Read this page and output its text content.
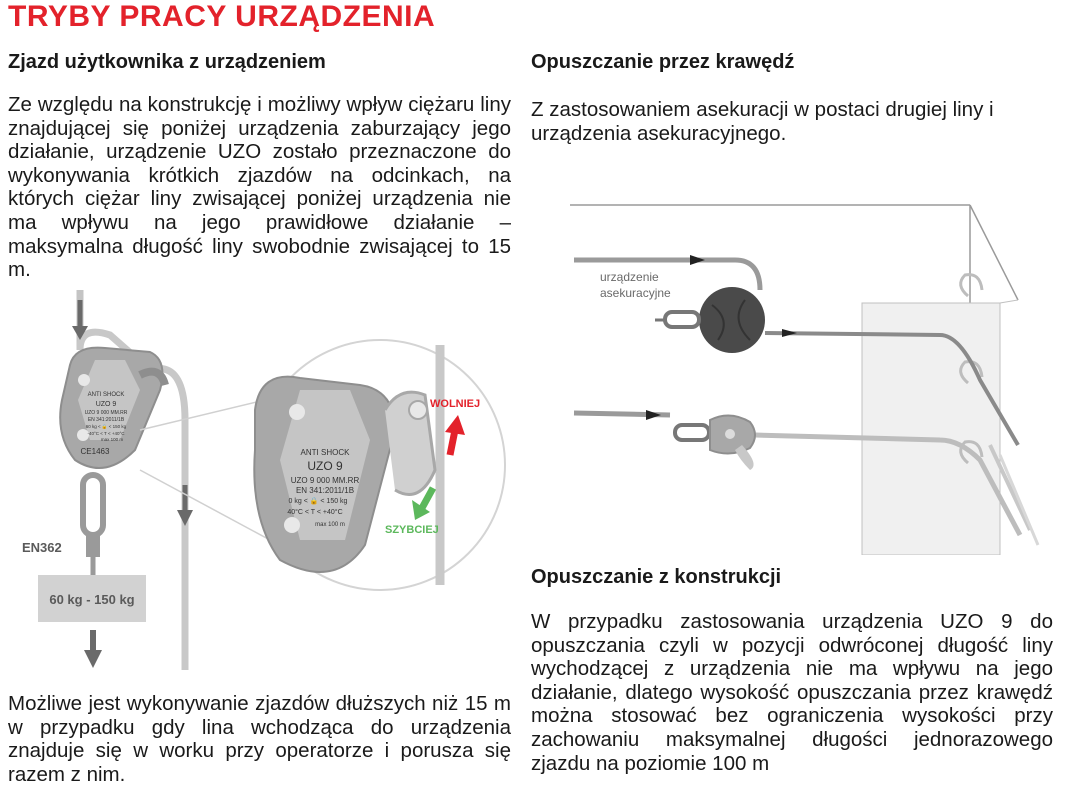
TRYBY PRACY URZĄDZENIA
Zjazd użytkownika z urządzeniem

Ze względu na konstrukcję i możliwy wpływ ciężaru liny znajdującej się poniżej urządzenia zaburzający jego działanie, urządzenie UZO zostało przeznaczone do wykonywania krótkich zjazdów na odcinkach, na których ciężar liny zwisającej poniżej urządzenia nie ma wpływu na jego prawidłowe działanie – maksymalna długość liny swobodnie zwisającej to 15 m.

Opuszczanie przez krawędź

Z zastosowaniem asekuracji w postaci drugiej liny i urządzenia asekuracyjnego.

ANTI SHOCK
UZO 9
UZO 9 000 MM.RR
EN 341:2011/1B
60 kg < 🔒 < 150 kg
-40°C < T < +40°C
max 100 m
CE1463
EN362
60 kg - 150 kg
ANTI SHOCK
UZO 9
UZO 9 000 MM.RR
EN 341:2011/1B
0 kg < 🔒 < 150 kg
40°C < T < +40°C
max 100 m
WOLNIEJ
SZYBCIEJ

Możliwe jest wykonywanie zjazdów dłuższych niż 15 m w przypadku gdy lina wchodząca do urządzenia znajduje się w worku przy operatorze i porusza się razem z nim.

urządzenie
asekuracyjne
Opuszczanie z konstrukcji

W przypadku zastosowania urządzenia UZO 9 do opuszczania czyli w pozycji odwróconej długość liny wychodzącej z urządzenia nie ma wpływu na jego działanie, dlatego wysokość opuszczania przez krawędź można stosować bez ograniczenia wysokości przy zachowaniu maksymalnej długości jednorazowego zjazdu na poziomie 100 m
